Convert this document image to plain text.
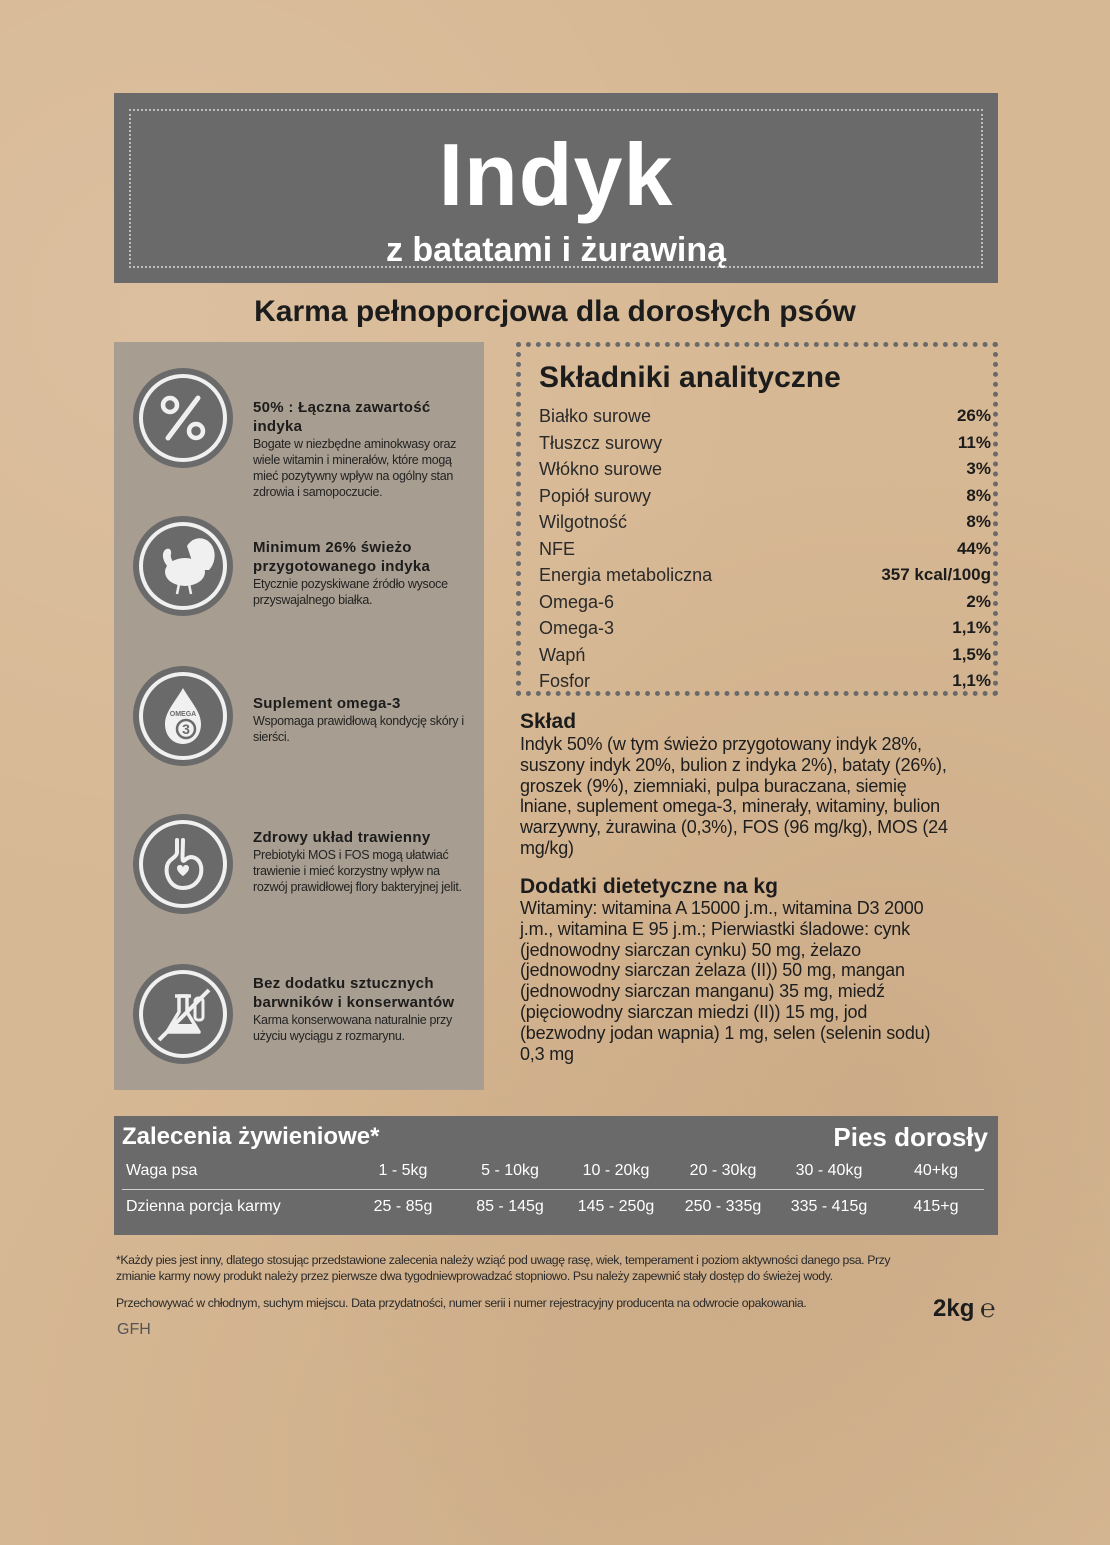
Indyk
z batatami i żurawiną
Karma pełnoporcjowa dla dorosłych psów
50% : Łączna zawartość indyka
Bogate w niezbędne aminokwasy oraz wiele witamin i minerałów, które mogą mieć pozytywny wpływ na ogólny stan zdrowia i samopoczucie.
Minimum 26% świeżo przygotowanego indyka
Etycznie pozyskiwane źródło wysoce przyswajalnego białka.
OMEGA
3
Suplement omega-3
Wspomaga prawidłową kondycję skóry i sierści.
Zdrowy układ trawienny
Prebiotyki MOS i FOS mogą ułatwiać trawienie i mieć korzystny wpływ na rozwój prawidłowej flory bakteryjnej jelit.
Bez dodatku sztucznych barwników i konserwantów
Karma konserwowana naturalnie przy użyciu wyciągu z rozmarynu.
Składniki analityczne
Białko surowe	26%
Tłuszcz surowy	11%
Włókno surowe	3%
Popiół surowy	8%
Wilgotność	8%
NFE	44%
Energia metaboliczna	357 kcal/100g
Omega-6	2%
Omega-3	1,1%
Wapń	1,5%
Fosfor	1,1%
Skład
Indyk 50% (w tym świeżo przygotowany indyk 28%,
suszony indyk 20%, bulion z indyka 2%), bataty (26%),
groszek (9%), ziemniaki, pulpa buraczana, siemię
lniane, suplement omega-3, minerały, witaminy, bulion
warzywny, żurawina (0,3%), FOS (96 mg/kg), MOS (24
mg/kg)
Dodatki dietetyczne na kg
Witaminy: witamina A 15000 j.m., witamina D3 2000
j.m., witamina E 95 j.m.; Pierwiastki śladowe: cynk
(jednowodny siarczan cynku) 50 mg, żelazo
(jednowodny siarczan żelaza (II)) 50 mg, mangan
(jednowodny siarczan manganu) 35 mg, miedź
(pięciowodny siarczan miedzi (II)) 15 mg, jod
(bezwodny jodan wapnia) 1 mg, selen (selenin sodu)
0,3 mg
Zalecenia żywieniowe*	Pies dorosły
Waga psa	1 - 5kg	5 - 10kg	10 - 20kg	20 - 30kg	30 - 40kg	40+kg
Dzienna porcja karmy	25 - 85g	85 - 145g	145 - 250g	250 - 335g	335 - 415g	415+g
*Każdy pies jest inny, dlatego stosując przedstawione zalecenia należy wziąć pod uwagę rasę, wiek, temperament i poziom aktywności danego psa. Przy
zmianie karmy nowy produkt należy przez pierwsze dwa tygodniewprowadzać stopniowo. Psu należy zapewnić stały dostęp do świeżej wody.
Przechowywać w chłodnym, suchym miejscu. Data przydatności, numer serii i numer rejestracyjny producenta na odwrocie opakowania.	2kg ℮
GFH
